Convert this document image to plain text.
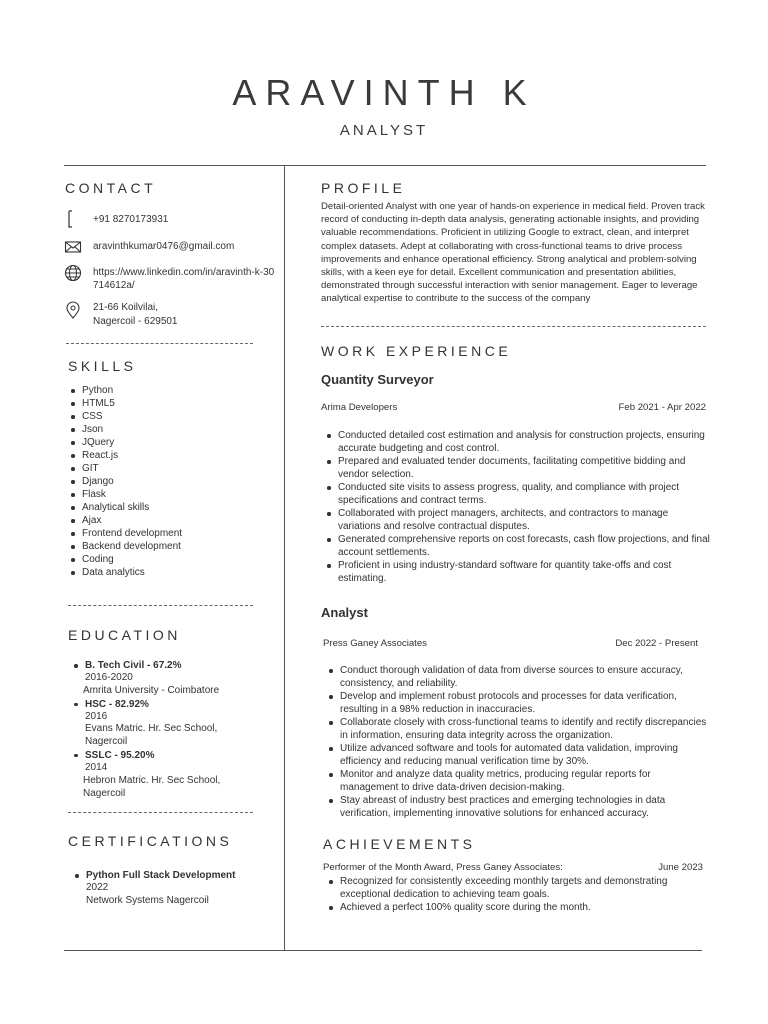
ARAVINTH K
ANALYST
CONTACT
+91 8270173931
aravinthkumar0476@gmail.com
https://www.linkedin.com/in/aravinth-k-30714612a/
21-66 Koilvilai,
Nagercoil - 629501
SKILLS
Python
HTML5
CSS
Json
JQuery
React.js
GIT
Django
Flask
Analytical skills
Ajax
Frontend development
Backend development
Coding
Data analytics
EDUCATION
B. Tech Civil - 67.2%
2016-2020
Amrita University - Coimbatore
HSC - 82.92%
2016
Evans Matric. Hr. Sec School,
Nagercoil
SSLC - 95.20%
2014
Hebron Matric. Hr. Sec School,
Nagercoil
CERTIFICATIONS
Python Full Stack Development
2022
Network Systems Nagercoil
PROFILE

Detail-oriented Analyst with one year of hands-on experience in medical field. Proven track record of conducting in-depth data analysis, generating actionable insights, and providing valuable recommendations. Proficient in utilizing Google to extract, clean, and interpret complex datasets. Adept at collaborating with cross-functional teams to drive process improvements and enhance operational efficiency. Strong analytical and problem-solving skills, with a keen eye for detail. Excellent communication and presentation abilities, demonstrated through successful interaction with senior management. Eager to leverage analytical expertise to contribute to the success of the company

WORK EXPERIENCE
Quantity Surveyor
Arima Developers	Feb 2021 - Apr 2022
Conducted detailed cost estimation and analysis for construction projects, ensuring accurate budgeting and cost control.
Prepared and evaluated tender documents, facilitating competitive bidding and vendor selection.
Conducted site visits to assess progress, quality, and compliance with project specifications and contract terms.
Collaborated with project managers, architects, and contractors to manage variations and resolve contractual disputes.
Generated comprehensive reports on cost forecasts, cash flow projections, and final account settlements.
Proficient in using industry-standard software for quantity take-offs and cost estimating.
Analyst
Press Ganey Associates	Dec 2022 - Present
Conduct thorough validation of data from diverse sources to ensure accuracy, consistency, and reliability.
Develop and implement robust protocols and processes for data verification, resulting in a 98% reduction in inaccuracies.
Collaborate closely with cross-functional teams to identify and rectify discrepancies in information, ensuring data integrity across the organization.
Utilize advanced software and tools for automated data validation, improving efficiency and reducing manual verification time by 30%.
Monitor and analyze data quality metrics, producing regular reports for management to drive data-driven decision-making.
Stay abreast of industry best practices and emerging technologies in data verification, implementing innovative solutions for enhanced accuracy.
ACHIEVEMENTS
Performer of the Month Award, Press Ganey Associates:	June 2023
Recognized for consistently exceeding monthly targets and demonstrating exceptional dedication to achieving team goals.
Achieved a perfect 100% quality score during the month.
